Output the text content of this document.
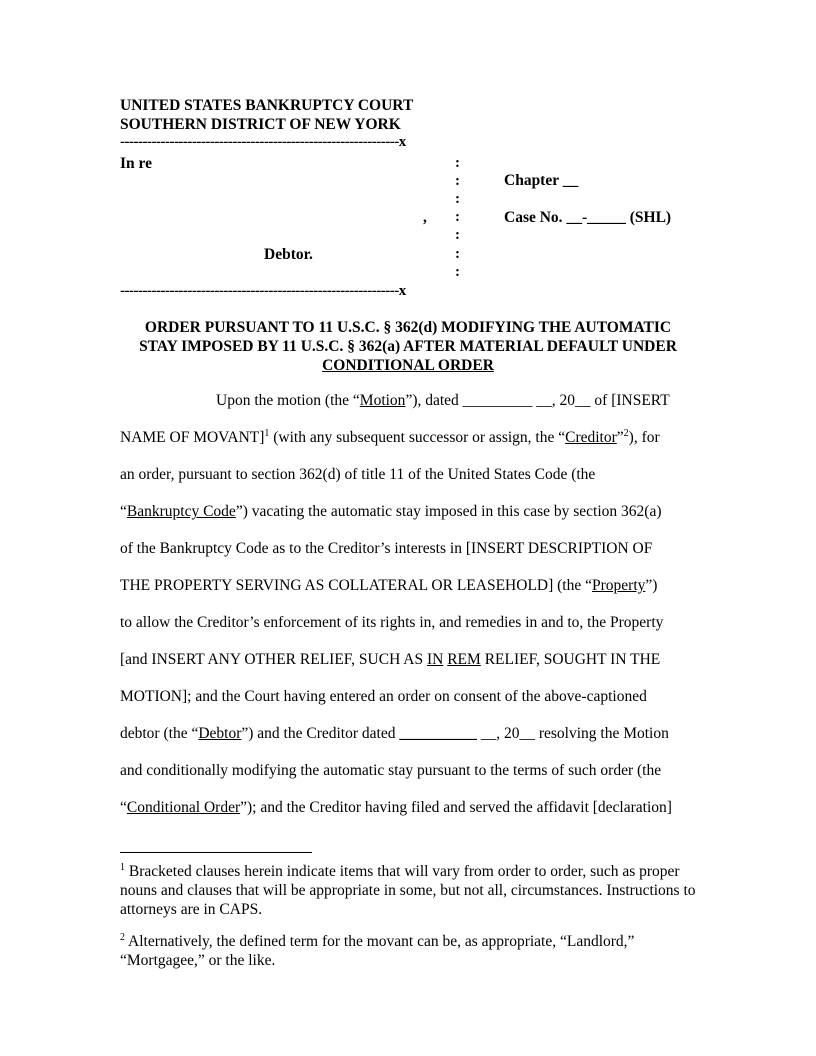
UNITED STATES BANKRUPTCY COURT
SOUTHERN DISTRICT OF NEW YORK
--------------------------------------------------------------x
In re
,
Debtor.
--------------------------------------------------------------x
:
:
:
:
:
:
:
Chapter __
Case No. __-_____ (SHL)
ORDER PURSUANT TO 11 U.S.C. § 362(d) MODIFYING THE AUTOMATIC
STAY IMPOSED BY 11 U.S.C. § 362(a) AFTER MATERIAL DEFAULT UNDER
CONDITIONAL ORDER
Upon the motion (the “Motion”), dated _________ __, 20__ of [INSERT
NAME OF MOVANT]$^1$ (with any subsequent successor or assign, the “Creditor”$^2$), for
an order, pursuant to section 362(d) of title 11 of the United States Code (the
“Bankruptcy Code”) vacating the automatic stay imposed in this case by section 362(a)
of the Bankruptcy Code as to the Creditor’s interests in [INSERT DESCRIPTION OF
THE PROPERTY SERVING AS COLLATERAL OR LEASEHOLD] (the “Property”)
to allow the Creditor’s enforcement of its rights in, and remedies in and to, the Property
[and INSERT ANY OTHER RELIEF, SUCH AS IN REM RELIEF, SOUGHT IN THE
MOTION]; and the Court having entered an order on consent of the above-captioned
debtor (the “Debtor”) and the Creditor dated __________ __, 20__ resolving the Motion
and conditionally modifying the automatic stay pursuant to the terms of such order (the
“Conditional Order”); and the Creditor having filed and served the affidavit [declaration]
$^1$ Bracketed clauses herein indicate items that will vary from order to order, such as proper nouns and clauses that will be appropriate in some, but not all, circumstances. Instructions to attorneys are in CAPS.
$^2$ Alternatively, the defined term for the movant can be, as appropriate, “Landlord,” “Mortgagee,” or the like.
